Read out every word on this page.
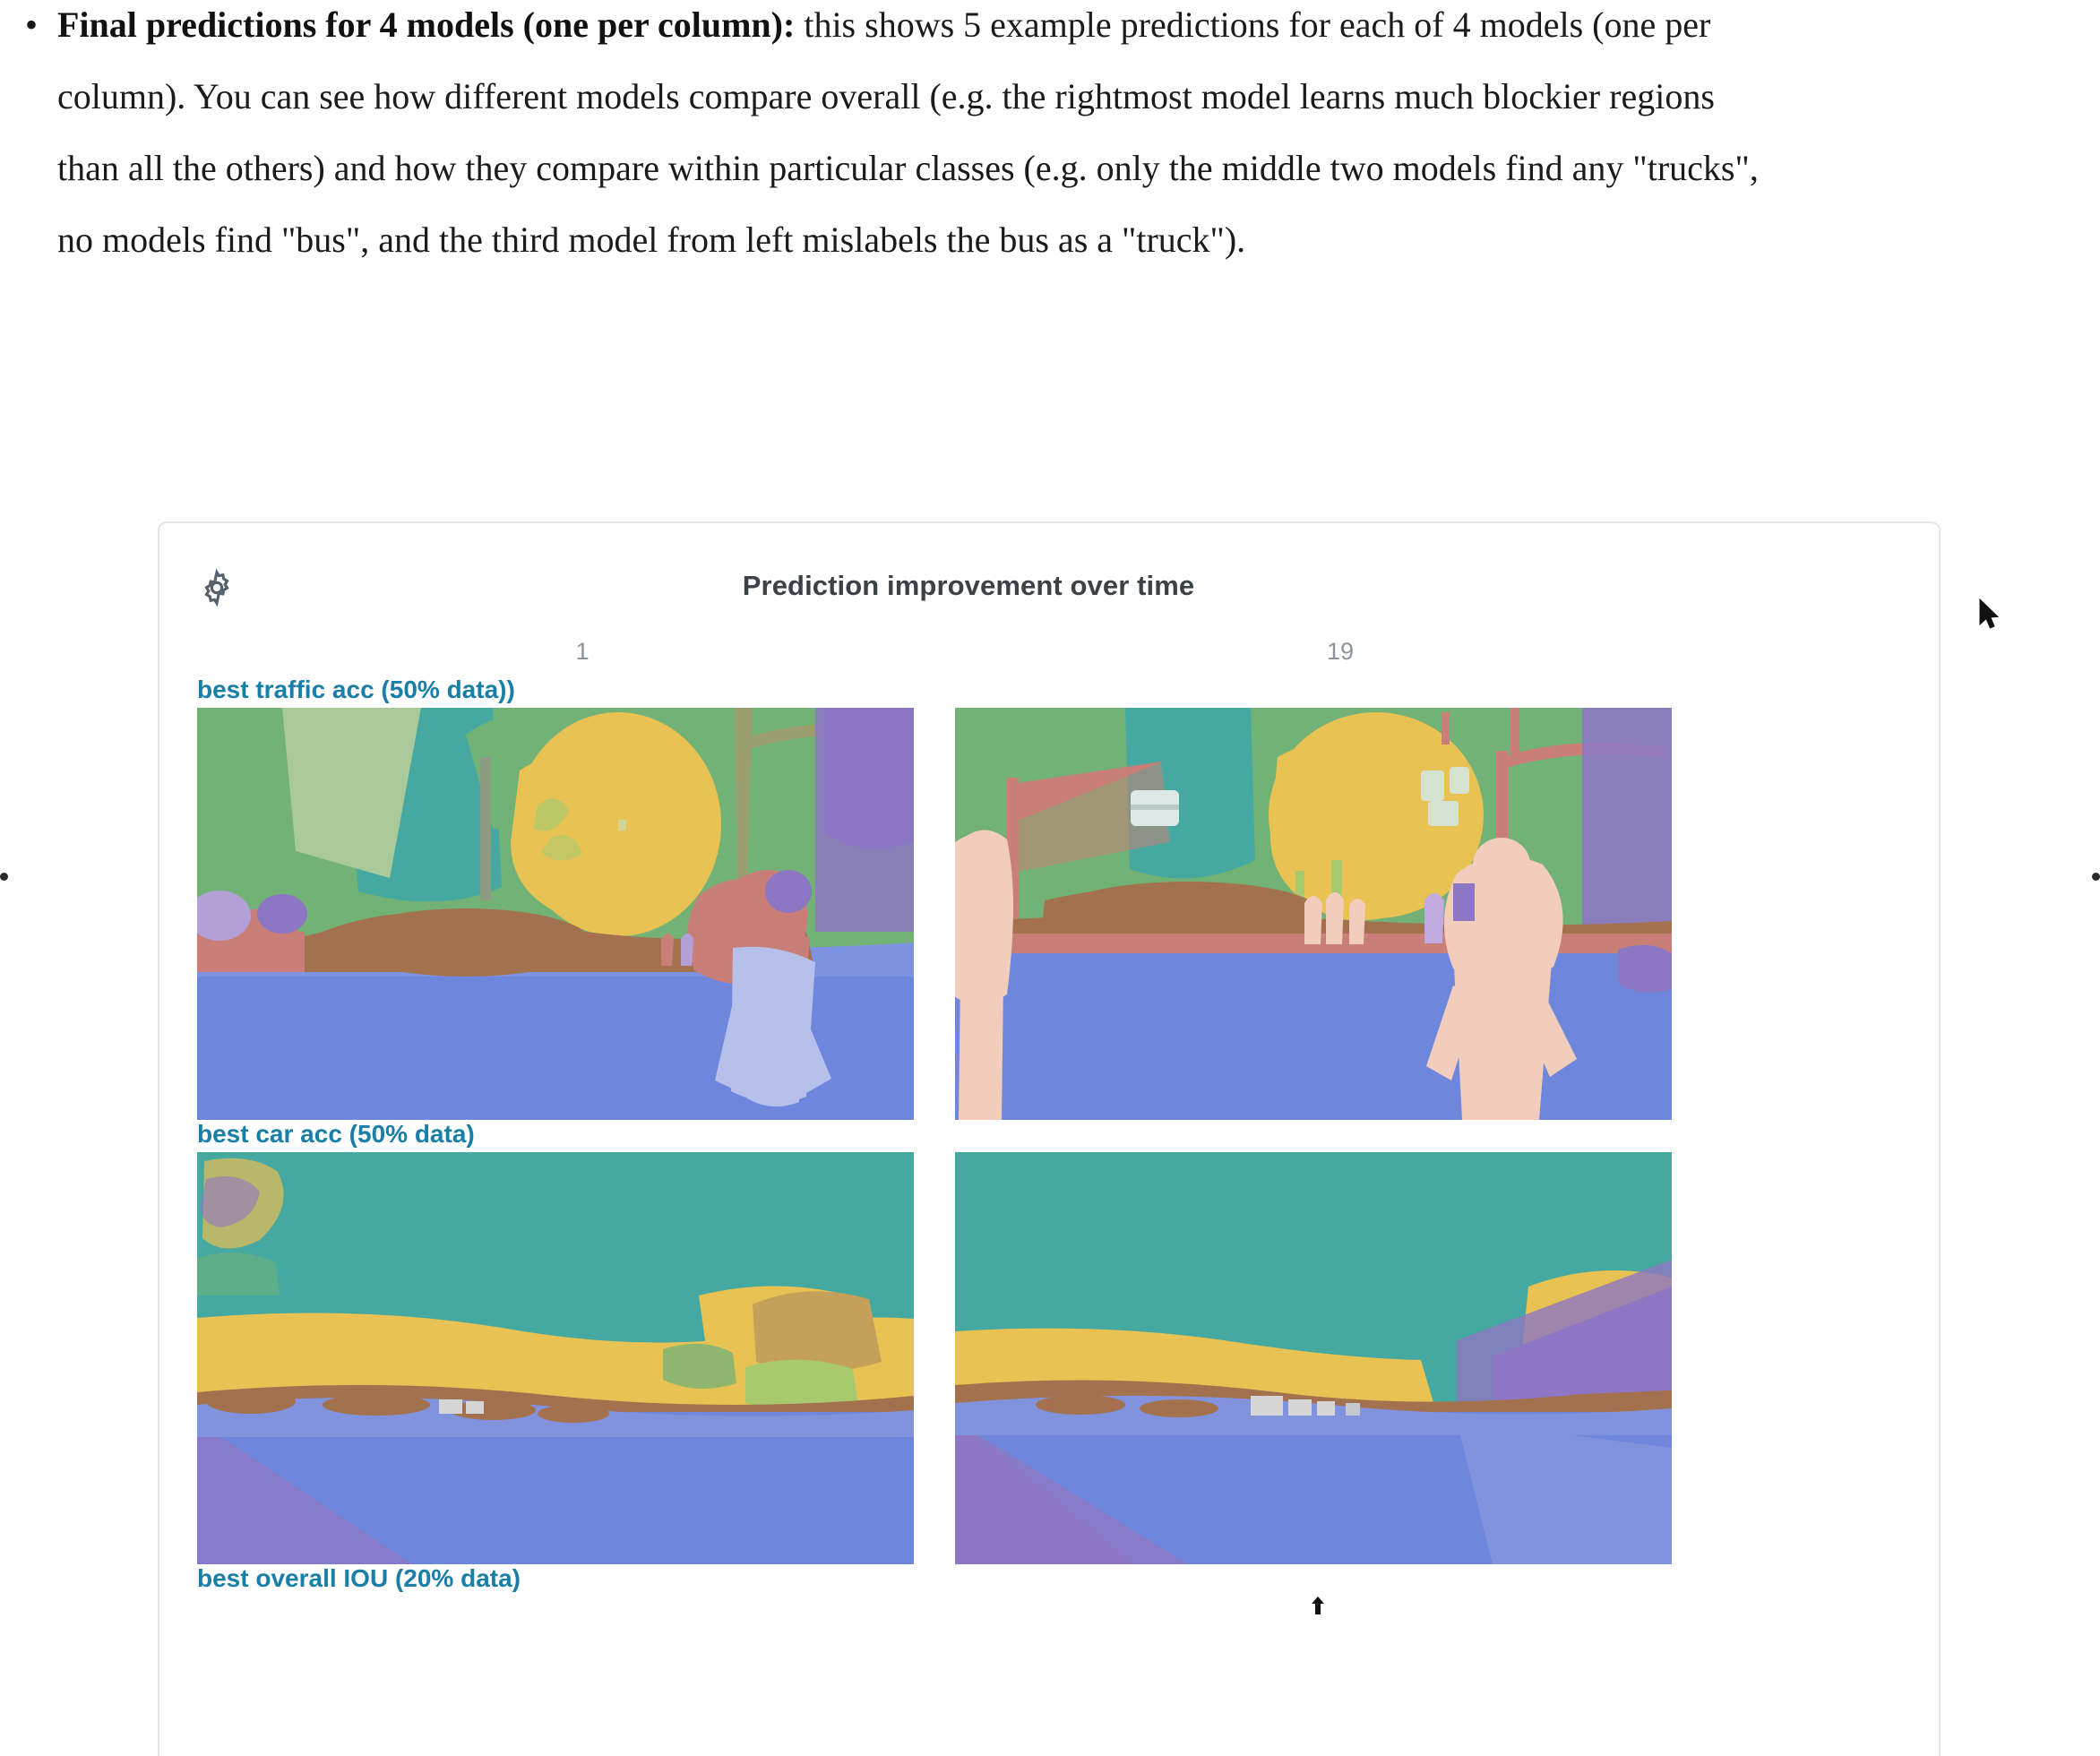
• Final predictions for 4 models (one per column): this shows 5 example predictions for each of 4 models (one per column). You can see how different models compare overall (e.g. the rightmost model learns much blockier regions than all the others) and how they compare within particular classes (e.g. only the middle two models find any "trucks", no models find "bus", and the third model from left mislabels the bus as a "truck").
Prediction improvement over time
1	19
best traffic acc (50% data))
best car acc (50% data)
best overall IOU (20% data)
